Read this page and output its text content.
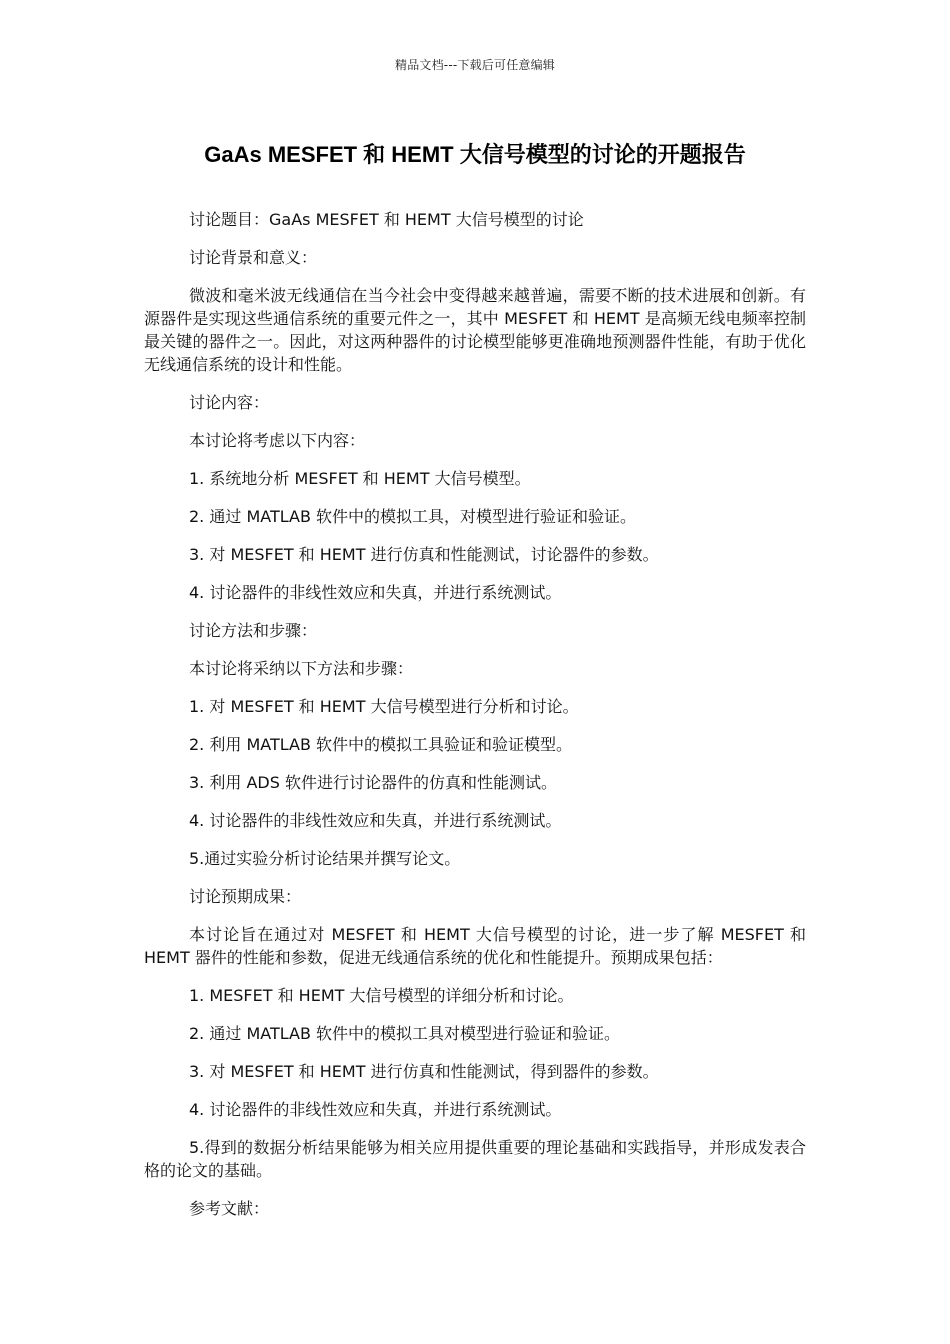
精品文档---下载后可任意编辑
GaAs MESFET 和 HEMT 大信号模型的讨论的开题报告

讨论题目：GaAs MESFET 和 HEMT 大信号模型的讨论

讨论背景和意义：

微波和毫米波无线通信在当今社会中变得越来越普遍，需要不断的技术进展和创新。有源器件是实现这些通信系统的重要元件之一，其中 MESFET 和 HEMT 是高频无线电频率控制最关键的器件之一。因此，对这两种器件的讨论模型能够更准确地预测器件性能，有助于优化无线通信系统的设计和性能。

讨论内容：

本讨论将考虑以下内容：

1. 系统地分析 MESFET 和 HEMT 大信号模型。

2. 通过 MATLAB 软件中的模拟工具，对模型进行验证和验证。

3. 对 MESFET 和 HEMT 进行仿真和性能测试，讨论器件的参数。

4. 讨论器件的非线性效应和失真，并进行系统测试。

讨论方法和步骤：

本讨论将采纳以下方法和步骤：

1. 对 MESFET 和 HEMT 大信号模型进行分析和讨论。

2. 利用 MATLAB 软件中的模拟工具验证和验证模型。

3. 利用 ADS 软件进行讨论器件的仿真和性能测试。

4. 讨论器件的非线性效应和失真，并进行系统测试。

5.通过实验分析讨论结果并撰写论文。

讨论预期成果：

本讨论旨在通过对 MESFET 和 HEMT 大信号模型的讨论，进一步了解 MESFET 和 HEMT 器件的性能和参数，促进无线通信系统的优化和性能提升。预期成果包括：

1. MESFET 和 HEMT 大信号模型的详细分析和讨论。

2. 通过 MATLAB 软件中的模拟工具对模型进行验证和验证。

3. 对 MESFET 和 HEMT 进行仿真和性能测试，得到器件的参数。

4. 讨论器件的非线性效应和失真，并进行系统测试。

5.得到的数据分析结果能够为相关应用提供重要的理论基础和实践指导，并形成发表合格的论文的基础。

参考文献：
